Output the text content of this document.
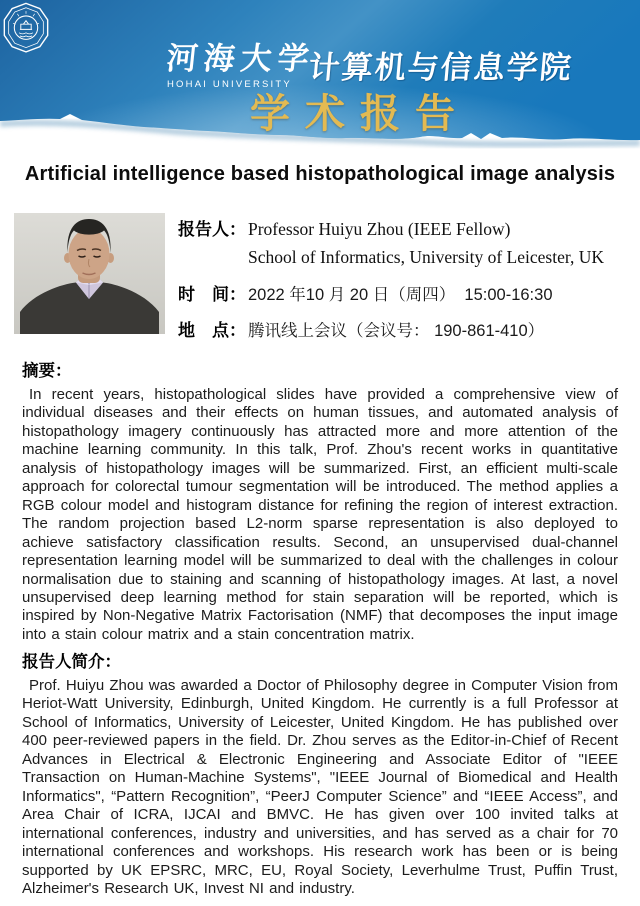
河海大学
HOHAI UNIVERSITY 计算机与信息学院
学术报告
Artificial intelligence based histopathological image analysis
报告人： Professor Huiyu Zhou (IEEE Fellow)
School of Informatics, University of Leicester, UK
时　间： 2022 年10 月 20 日（周四）  15:00-16:30
地　点： 腾讯线上会议（会议号： 190-861-410）
摘要：

In recent years, histopathological slides have provided a comprehensive view of individual diseases and their effects on human tissues, and automated analysis of histopathology imagery continuously has attracted more and more attention of the machine learning community. In this talk, Prof. Zhou's recent works in quantitative analysis of histopathology images will be summarized. First, an efficient multi-scale approach for colorectal tumour segmentation will be introduced. The method applies a RGB colour model and histogram distance for refining the region of interest extraction. The random projection based L2-norm sparse representation is also deployed to achieve satisfactory classification results. Second, an unsupervised dual-channel representation learning model will be summarized to deal with the challenges in colour normalisation due to staining and scanning of histopathology images. At last, a novel unsupervised deep learning method for stain separation will be reported, which is inspired by Non-Negative Matrix Factorisation (NMF) that decomposes the input image into a stain colour matrix and a stain concentration matrix.

报告人简介：

Prof. Huiyu Zhou was awarded a Doctor of Philosophy degree in Computer Vision from Heriot-Watt University, Edinburgh, United Kingdom. He currently is a full Professor at School of Informatics, University of Leicester, United Kingdom. He has published over 400 peer-reviewed papers in the field. Dr. Zhou serves as the Editor-in-Chief of Recent Advances in Electrical & Electronic Engineering and Associate Editor of "IEEE Transaction on Human-Machine Systems", "IEEE Journal of Biomedical and Health Informatics", “Pattern Recognition”, “PeerJ Computer Science” and “IEEE Access”, and Area Chair of ICRA, IJCAI and BMVC. He has given over 100 invited talks at international conferences, industry and universities, and has served as a chair for 70 international conferences and workshops. His research work has been or is being supported by UK EPSRC, MRC, EU, Royal Society, Leverhulme Trust, Puffin Trust, Alzheimer's Research UK, Invest NI and industry.
